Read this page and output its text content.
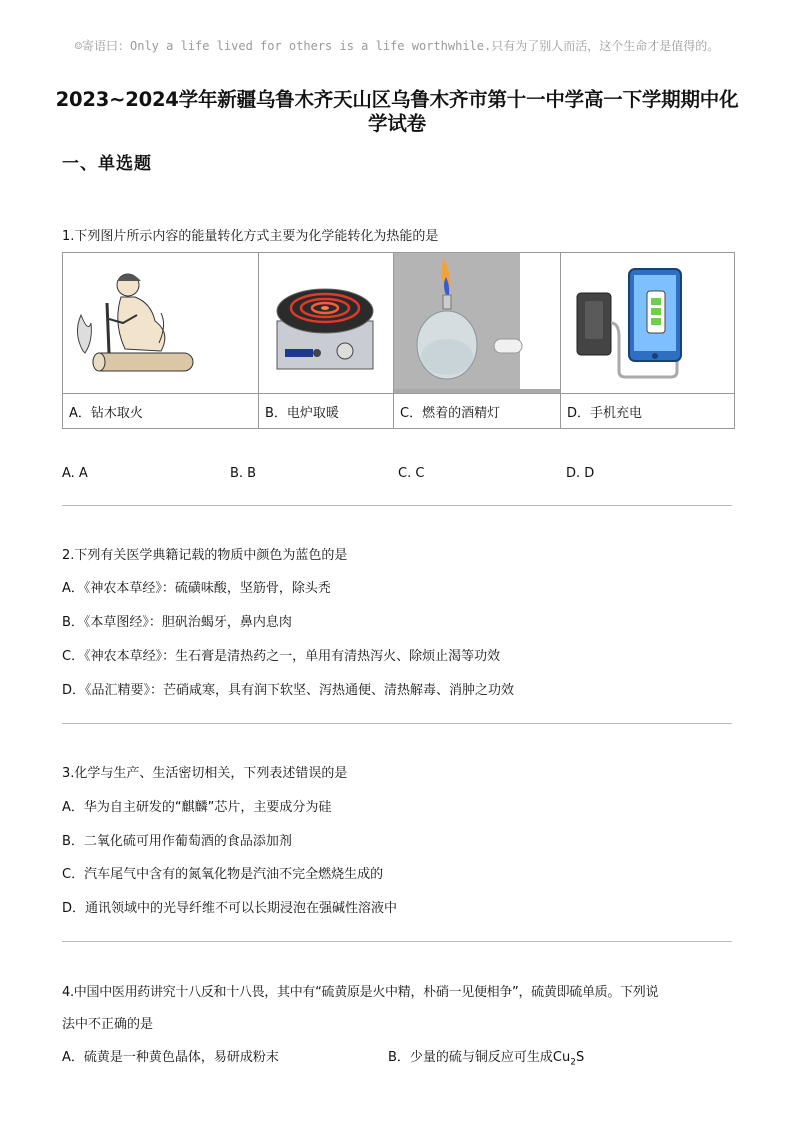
☺寄语曰：Only a life lived for others is a life worthwhile.只有为了别人而活，这个生命才是值得的。
2023~2024学年新疆乌鲁木齐天山区乌鲁木齐市第十一中学高一下学期期中化
学试卷
一、单选题
1.下列图片所示内容的能量转化方式主要为化学能转化为热能的是

A．钻木取火	B．电炉取暖	C．燃着的酒精灯	D．手机充电
A. A	B. B	C. C	D. D
2.下列有关医学典籍记载的物质中颜色为蓝色的是
A．《神农本草经》：硫磺味酸，坚筋骨，除头秃
B．《本草图经》：胆矾治蝎牙，鼻内息肉
C．《神农本草经》：生石膏是清热药之一，单用有清热泻火、除烦止渴等功效
D．《品汇精要》：芒硝咸寒，具有润下软坚、泻热通便、清热解毒、消肿之功效
3.化学与生产、生活密切相关，下列表述错误的是
A．华为自主研发的“麒麟”芯片，主要成分为硅
B．二氧化硫可用作葡萄酒的食品添加剂
C．汽车尾气中含有的氮氧化物是汽油不完全燃烧生成的
D．通讯领域中的光导纤维不可以长期浸泡在强碱性溶液中
4.中国中医用药讲究十八反和十八畏，其中有“硫黄原是火中精，朴硝一见便相争”，硫黄即硫单质。下列说
法中不正确的是
A．硫黄是一种黄色晶体，易研成粉末	B．少量的硫与铜反应可生成$Cu_2S$
